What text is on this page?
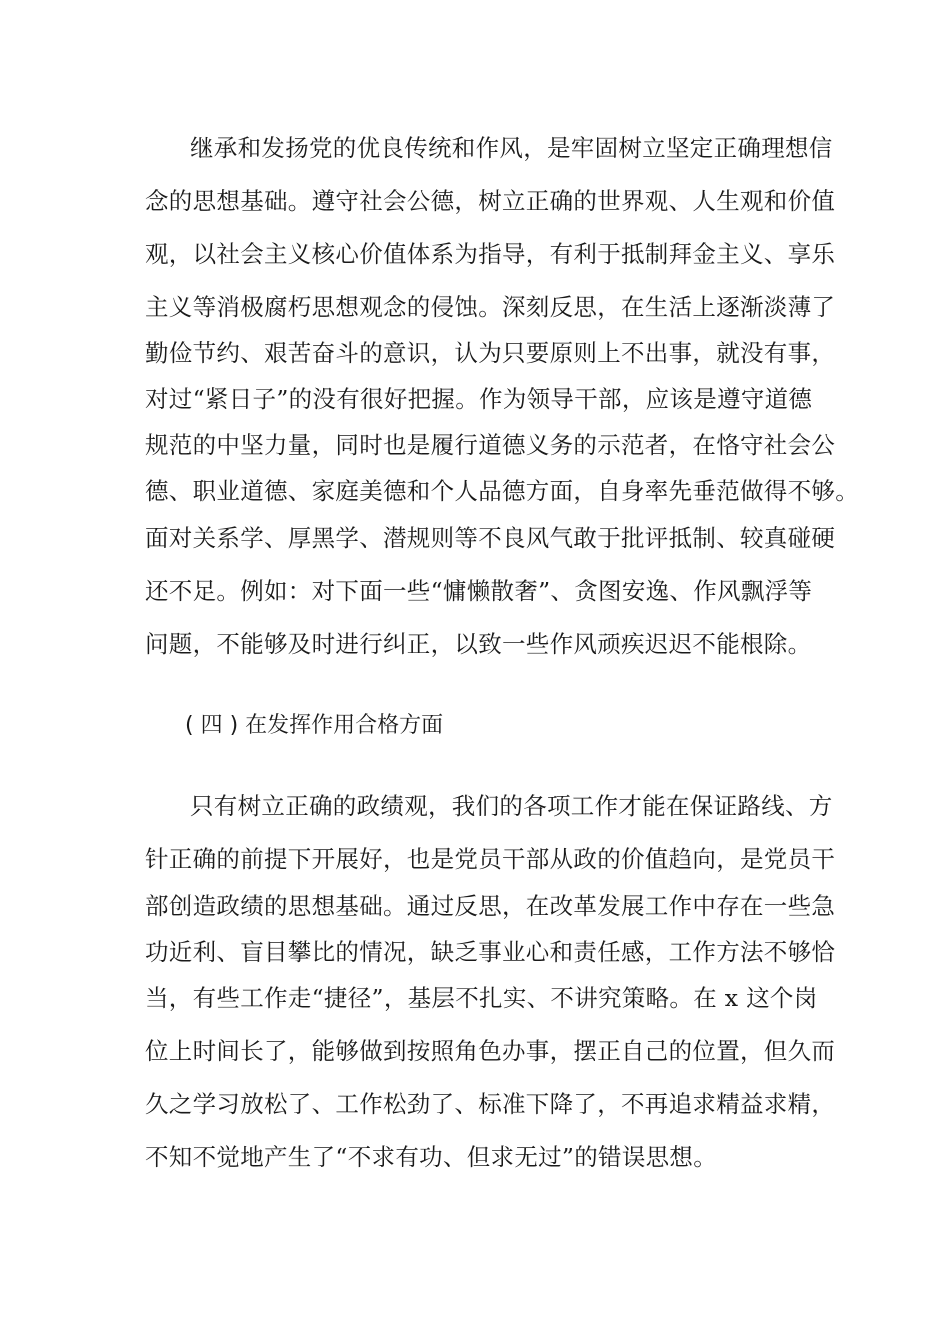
继承和发扬党的优良传统和作风，是牢固树立坚定正确理想信
念的思想基础。遵守社会公德，树立正确的世界观、人生观和价值
观，以社会主义核心价值体系为指导，有利于抵制拜金主义、享乐
主义等消极腐朽思想观念的侵蚀。深刻反思，在生活上逐渐淡薄了
勤俭节约、艰苦奋斗的意识，认为只要原则上不出事，就没有事，
对过“紧日子”的没有很好把握。作为领导干部，应该是遵守道德
规范的中坚力量，同时也是履行道德义务的示范者，在恪守社会公
德、职业道德、家庭美德和个人品德方面，自身率先垂范做得不够。
面对关系学、厚黑学、潜规则等不良风气敢于批评抵制、较真碰硬
还不足。例如：对下面一些“慵懒散奢”、贪图安逸、作风飘浮等
问题，不能够及时进行纠正，以致一些作风顽疾迟迟不能根除。
( 四 ) 在发挥作用合格方面
只有树立正确的政绩观，我们的各项工作才能在保证路线、方
针正确的前提下开展好，也是党员干部从政的价值趋向，是党员干
部创造政绩的思想基础。通过反思，在改革发展工作中存在一些急
功近利、盲目攀比的情况，缺乏事业心和责任感，工作方法不够恰
当，有些工作走“捷径”，基层不扎实、不讲究策略。在 x 这个岗
位上时间长了，能够做到按照角色办事，摆正自己的位置，但久而
久之学习放松了、工作松劲了、标准下降了，不再追求精益求精，
不知不觉地产生了“不求有功、但求无过”的错误思想。
